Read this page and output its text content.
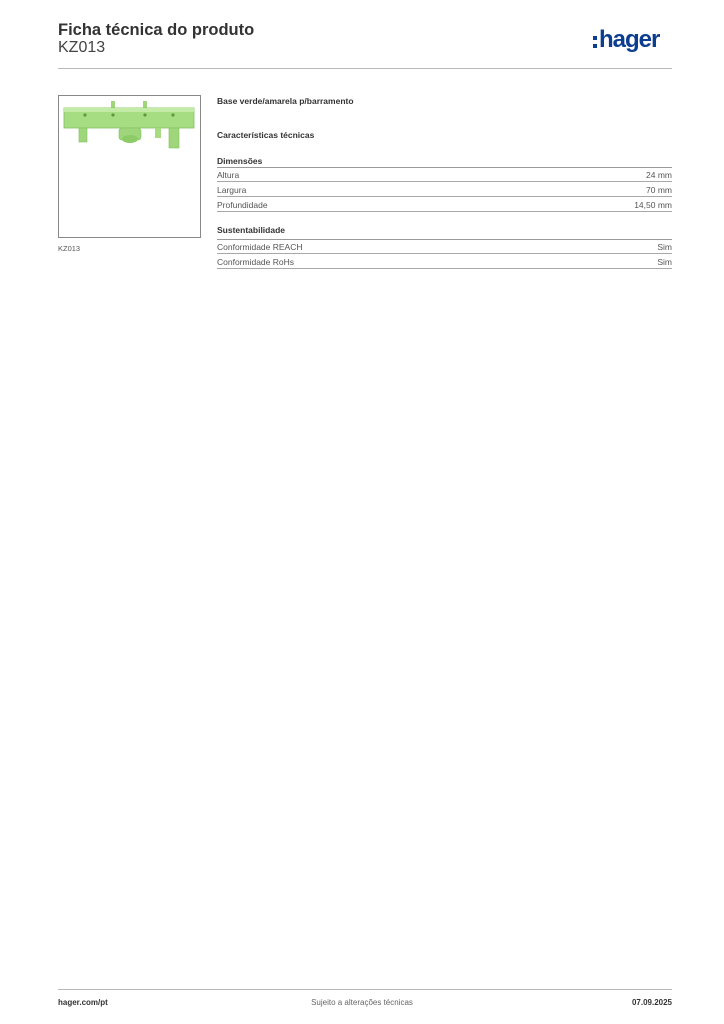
Ficha técnica do produto
KZ013	hager
KZ013
Base verde/amarela p/barramento
Características técnicas
Dimensões
Altura	24 mm
Largura	70 mm
Profundidade	14,50 mm
Sustentabilidade
Conformidade REACH	Sim
Conformidade RoHs	Sim
hager.com/pt	Sujeito a alterações técnicas	07.09.2025
